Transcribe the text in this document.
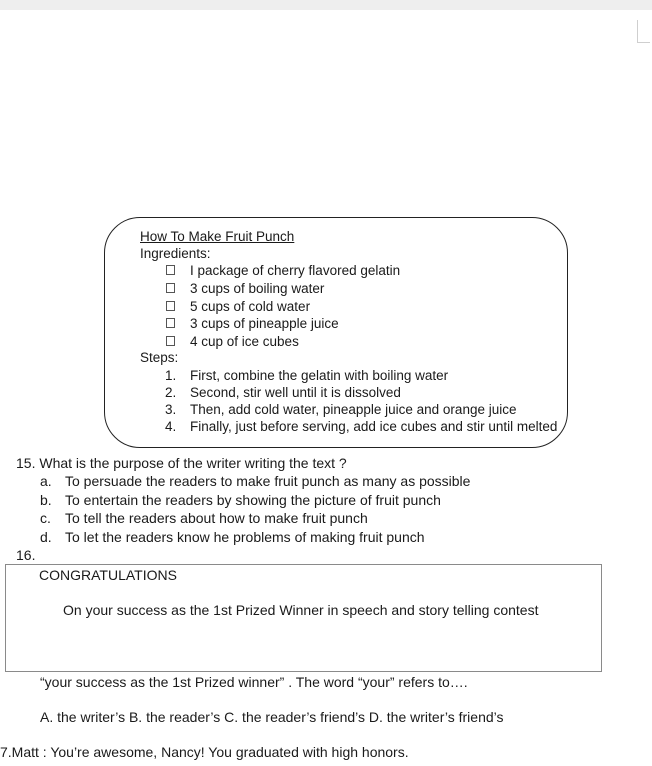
How To Make Fruit Punch
Ingredients:
I package of cherry flavored gelatin
3 cups of boiling water
5 cups of cold water
3 cups of pineapple juice
4 cup of ice cubes
Steps:
1. First, combine the gelatin with boiling water
2. Second, stir well until it is dissolved
3. Then, add cold water, pineapple juice and orange juice
4. Finally, just before serving, add ice cubes and stir until melted
15. What is the purpose of the writer writing the text ?
a. To persuade the readers to make fruit punch as many as possible
b. To entertain the readers by showing the picture of fruit punch
c. To tell the readers about how to make fruit punch
d. To let the readers know he problems of making fruit punch
16.
CONGRATULATIONS
On your success as the 1st Prized Winner in speech and story telling contest
“your success as the 1st Prized winner” . The word “your” refers to….
A. the writer’s B. the reader’s C. the reader’s friend’s D. the writer’s friend’s
7.Matt : You’re awesome, Nancy! You graduated with high honors.
